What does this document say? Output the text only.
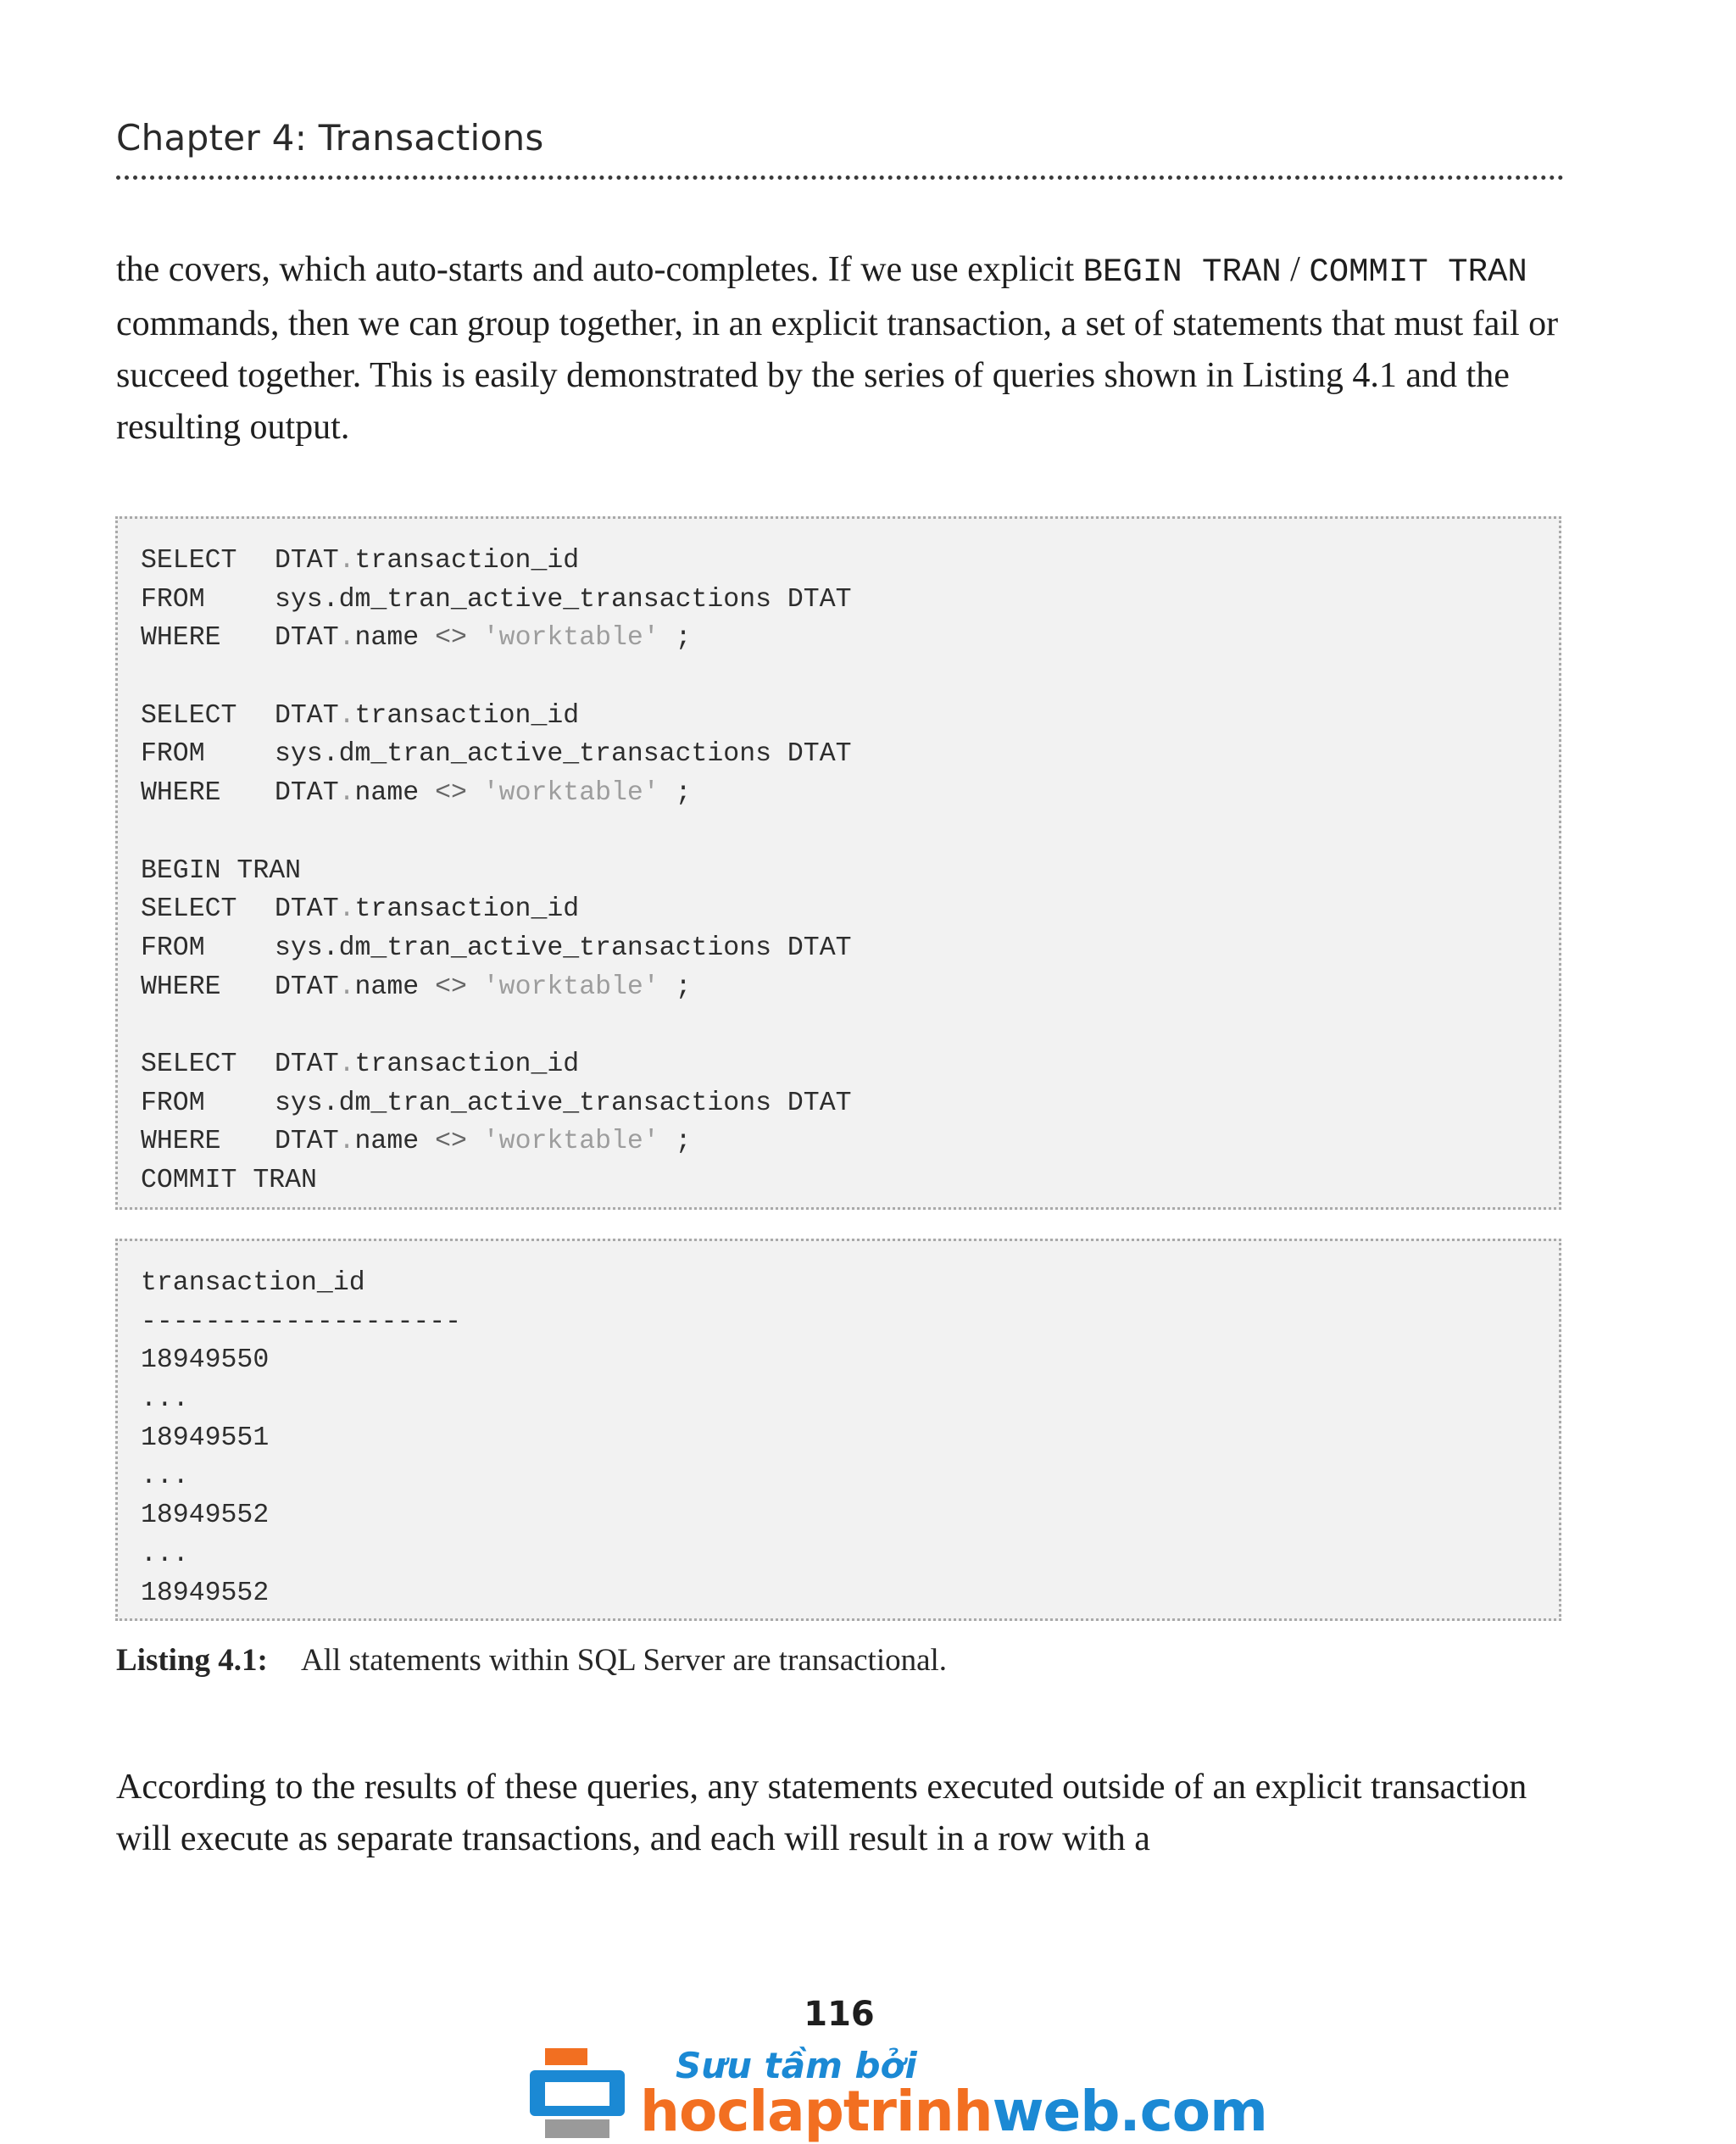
Chapter 4: Transactions

the covers, which auto-starts and auto-completes. If we use explicit BEGIN TRAN / COMMIT TRAN commands, then we can group together, in an explicit transaction, a set of statements that must fail or succeed together. This is easily demonstrated by the series of queries shown in Listing 4.1 and the resulting output.

SELECT DTAT.transaction_id
FROM	sys.dm_tran_active_transactions DTAT
WHERE DTAT.name <> 'worktable' ;
SELECT DTAT.transaction_id
FROM	sys.dm_tran_active_transactions DTAT
WHERE DTAT.name <> 'worktable' ;
BEGIN TRAN
SELECT DTAT.transaction_id
FROM	sys.dm_tran_active_transactions DTAT
WHERE DTAT.name <> 'worktable' ;
SELECT DTAT.transaction_id
FROM	sys.dm_tran_active_transactions DTAT
WHERE DTAT.name <> 'worktable' ;
COMMIT TRAN
transaction_id
--------------------
18949550
...
18949551
...
18949552
...
18949552
Listing 4.1: All statements within SQL Server are transactional.

According to the results of these queries, any statements executed outside of an explicit transaction will execute as separate transactions, and each will result in a row with a

116
Sưu tầm bởi
hoclaptrinhweb.com
